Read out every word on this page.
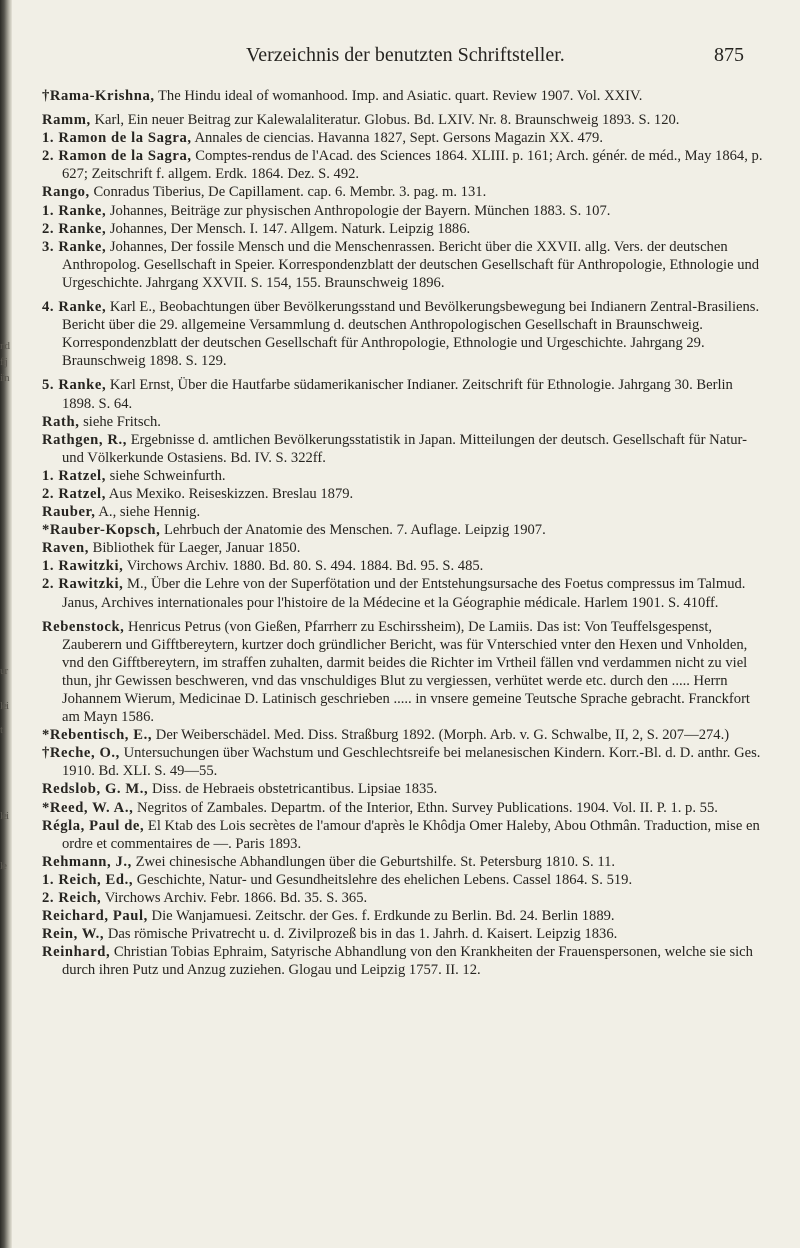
nd
fij
iin
ur
lei
t
lei
le
Verzeichnis der benutzten Schriftsteller.	875

†Rama-Krishna, The Hindu ideal of womanhood. Imp. and Asiatic. quart. Review 1907. Vol. XXIV.

Ramm, Karl, Ein neuer Beitrag zur Kalewalaliteratur. Globus. Bd. LXIV. Nr. 8. Braunschweig 1893. S. 120.

1. Ramon de la Sagra, Annales de ciencias. Havanna 1827, Sept. Gersons Magazin XX. 479.

2. Ramon de la Sagra, Comptes-rendus de l'Acad. des Sciences 1864. XLIII. p. 161; Arch. génér. de méd., May 1864, p. 627; Zeitschrift f. allgem. Erdk. 1864. Dez. S. 492.

Rango, Conradus Tiberius, De Capillament. cap. 6. Membr. 3. pag. m. 131.

1. Ranke, Johannes, Beiträge zur physischen Anthropologie der Bayern. München 1883. S. 107.

2. Ranke, Johannes, Der Mensch. I. 147. Allgem. Naturk. Leipzig 1886.

3. Ranke, Johannes, Der fossile Mensch und die Menschenrassen. Bericht über die XXVII. allg. Vers. der deutschen Anthropolog. Gesellschaft in Speier. Korrespondenzblatt der deutschen Gesellschaft für Anthropologie, Ethnologie und Urgeschichte. Jahrgang XXVII. S. 154, 155. Braunschweig 1896.

4. Ranke, Karl E., Beobachtungen über Bevölkerungsstand und Bevölkerungsbewegung bei Indianern Zentral-Brasiliens. Bericht über die 29. allgemeine Versammlung d. deutschen Anthropologischen Gesellschaft in Braunschweig. Korrespondenzblatt der deutschen Gesellschaft für Anthropologie, Ethnologie und Urgeschichte. Jahrgang 29. Braunschweig 1898. S. 129.

5. Ranke, Karl Ernst, Über die Hautfarbe südamerikanischer Indianer. Zeitschrift für Ethnologie. Jahrgang 30. Berlin 1898. S. 64.

Rath, siehe Fritsch.

Rathgen, R., Ergebnisse d. amtlichen Bevölkerungsstatistik in Japan. Mitteilungen der deutsch. Gesellschaft für Natur- und Völkerkunde Ostasiens. Bd. IV. S. 322ff.

1. Ratzel, siehe Schweinfurth.

2. Ratzel, Aus Mexiko. Reiseskizzen. Breslau 1879.

Rauber, A., siehe Hennig.

*Rauber-Kopsch, Lehrbuch der Anatomie des Menschen. 7. Auflage. Leipzig 1907.

Raven, Bibliothek für Laeger, Januar 1850.

1. Rawitzki, Virchows Archiv. 1880. Bd. 80. S. 494. 1884. Bd. 95. S. 485.

2. Rawitzki, M., Über die Lehre von der Superfötation und der Entstehungsursache des Foetus compressus im Talmud. Janus, Archives internationales pour l'histoire de la Médecine et la Géographie médicale. Harlem 1901. S. 410ff.

Rebenstock, Henricus Petrus (von Gießen, Pfarrherr zu Eschirssheim), De Lamiis. Das ist: Von Teuffelsgespenst, Zauberern und Gifftbereytern, kurtzer doch gründlicher Bericht, was für Vnterschied vnter den Hexen und Vnholden, vnd den Gifftbereytern, im straffen zuhalten, darmit beides die Richter im Vrtheil fällen vnd verdammen nicht zu viel thun, jhr Gewissen beschweren, vnd das vnschuldiges Blut zu vergiessen, verhütet werde etc. durch den ..... Herrn Johannem Wierum, Medicinae D. Latinisch geschrieben ..... in vnsere gemeine Teutsche Sprache gebracht. Franckfort am Mayn 1586.

*Rebentisch, E., Der Weiberschädel. Med. Diss. Straßburg 1892. (Morph. Arb. v. G. Schwalbe, II, 2, S. 207—274.)

†Reche, O., Untersuchungen über Wachstum und Geschlechtsreife bei melanesischen Kindern. Korr.-Bl. d. D. anthr. Ges. 1910. Bd. XLI. S. 49—55.

Redslob, G. M., Diss. de Hebraeis obstetricantibus. Lipsiae 1835.

*Reed, W. A., Negritos of Zambales. Departm. of the Interior, Ethn. Survey Publications. 1904. Vol. II. P. 1. p. 55.

Régla, Paul de, El Ktab des Lois secrètes de l'amour d'après le Khôdja Omer Haleby, Abou Othmân. Traduction, mise en ordre et commentaires de —. Paris 1893.

Rehmann, J., Zwei chinesische Abhandlungen über die Geburtshilfe. St. Petersburg 1810. S. 11.

1. Reich, Ed., Geschichte, Natur- und Gesundheitslehre des ehelichen Lebens. Cassel 1864. S. 519.

2. Reich, Virchows Archiv. Febr. 1866. Bd. 35. S. 365.

Reichard, Paul, Die Wanjamuesi. Zeitschr. der Ges. f. Erdkunde zu Berlin. Bd. 24. Berlin 1889.

Rein, W., Das römische Privatrecht u. d. Zivilprozeß bis in das 1. Jahrh. d. Kaisert. Leipzig 1836.

Reinhard, Christian Tobias Ephraim, Satyrische Abhandlung von den Krankheiten der Frauenspersonen, welche sie sich durch ihren Putz und Anzug zuziehen. Glogau und Leipzig 1757. II. 12.
